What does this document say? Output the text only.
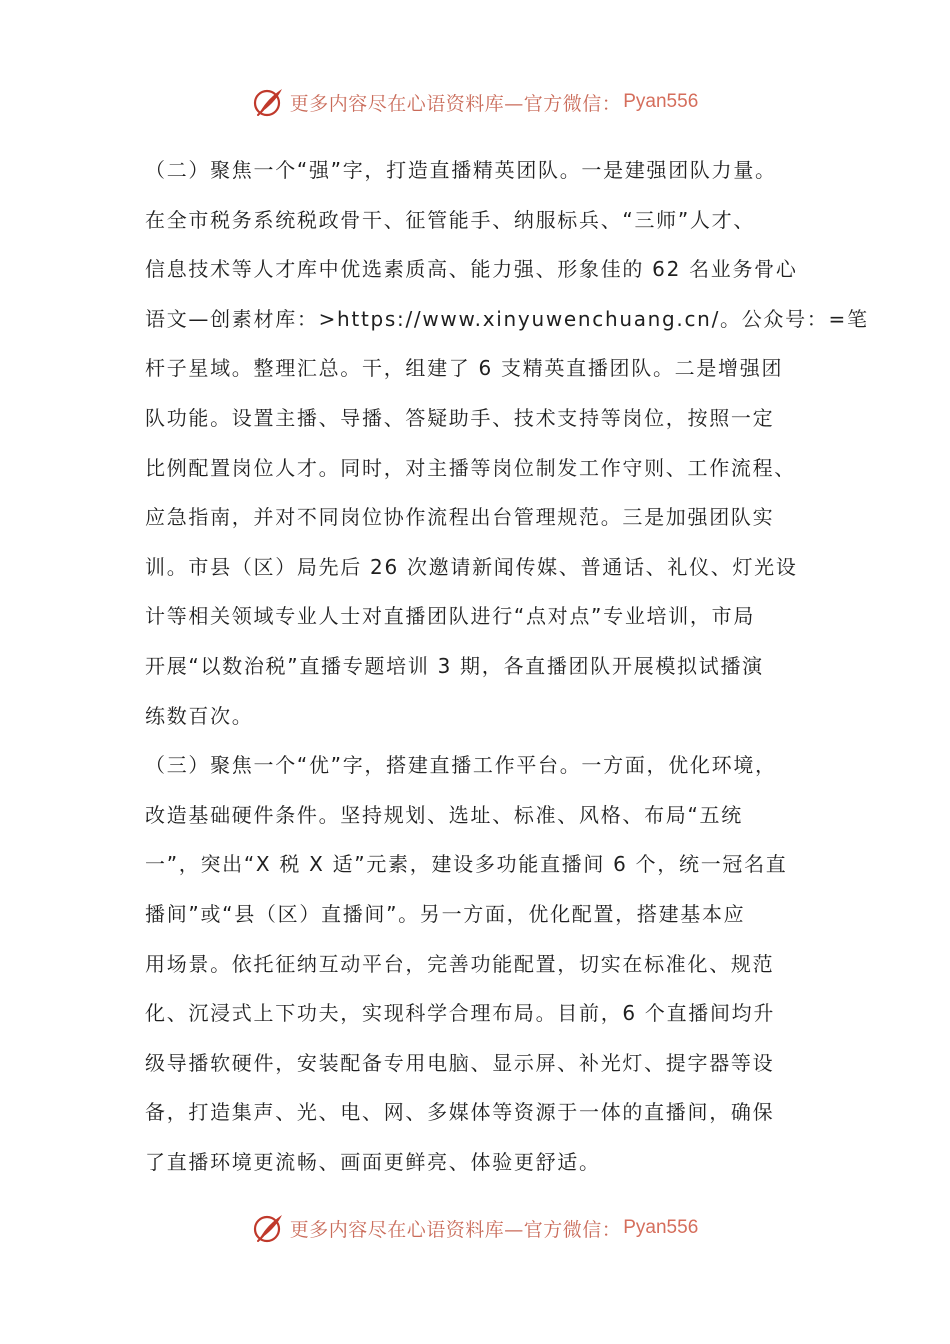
更多内容尽在心语资料库—官方微信： Pyan556
（二）聚焦一个“强”字，打造直播精英团队。一是建强团队力量。
在全市税务系统税政骨干、征管能手、纳服标兵、“三师”人才、
信息技术等人才库中优选素质高、能力强、形象佳的 62 名业务骨心
语文—创素材库：>https://www.xinyuwenchuang.cn/。公众号：=笔
杆子星域。整理汇总。干，组建了 6 支精英直播团队。二是增强团
队功能。设置主播、导播、答疑助手、技术支持等岗位，按照一定
比例配置岗位人才。同时，对主播等岗位制发工作守则、工作流程、
应急指南，并对不同岗位协作流程出台管理规范。三是加强团队实
训。市县（区）局先后 26 次邀请新闻传媒、普通话、礼仪、灯光设
计等相关领域专业人士对直播团队进行“点对点”专业培训，市局
开展“以数治税”直播专题培训 3 期，各直播团队开展模拟试播演
练数百次。
（三）聚焦一个“优”字，搭建直播工作平台。一方面，优化环境，
改造基础硬件条件。坚持规划、选址、标准、风格、布局“五统
一”，突出“X 税 X 适”元素，建设多功能直播间 6 个，统一冠名直
播间”或“县（区）直播间”。另一方面，优化配置，搭建基本应
用场景。依托征纳互动平台，完善功能配置，切实在标准化、规范
化、沉浸式上下功夫，实现科学合理布局。目前，6 个直播间均升
级导播软硬件，安装配备专用电脑、显示屏、补光灯、提字器等设
备，打造集声、光、电、网、多媒体等资源于一体的直播间，确保
了直播环境更流畅、画面更鲜亮、体验更舒适。
更多内容尽在心语资料库—官方微信： Pyan556
